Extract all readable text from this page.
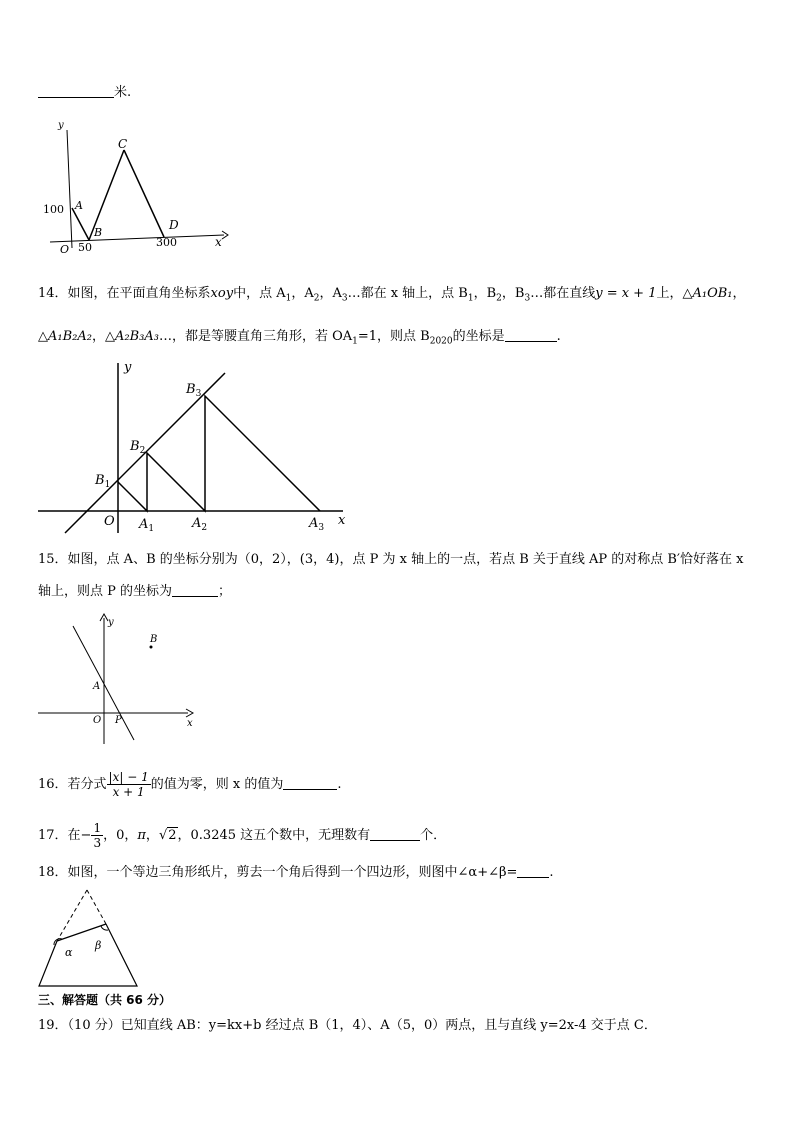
米.
y
x
C
A
B
D
O
100
50	300
14．如图，在平面直角坐标系xoy中，点 $A_1$，$A_2$，$A_3\dots$都在 x 轴上，点 $B_1$，$B_2$，$B_3\dots$都在直线y = x + 1上，△A₁OB₁，
△A₁B₂A₂，△A₂B₃A₃…，都是等腰直角三角形，若 $OA_1=1$，则点 $B_{2020}$的坐标是	.
y
x
O
$B_1$
$B_2$
$B_3$
$A_1$	$A_2$	$A_3$
15．如图，点 A、B 的坐标分别为（0，2），(3，4)，点 P 为 x 轴上的一点，若点 B 关于直线 AP 的对称点 B′恰好落在 x
轴上，则点 P 的坐标为	；
y
x
O
A
B
P
16．若分式 $\frac{|x| - 1}{x + 1}$ 的值为零，则 x 的值为	.
17．在− $\frac{1}{3}$ ，0，π，√2，0.3245 这五个数中，无理数有	个．
18．如图，一个等边三角形纸片，剪去一个角后得到一个四边形，则图中∠α+∠β= .
α
β
三、解答题（共 66 分）
19．（10 分）已知直线 AB：y=kx+b 经过点 B（1，4）、A（5，0）两点，且与直线 y=2x-4 交于点 C．
